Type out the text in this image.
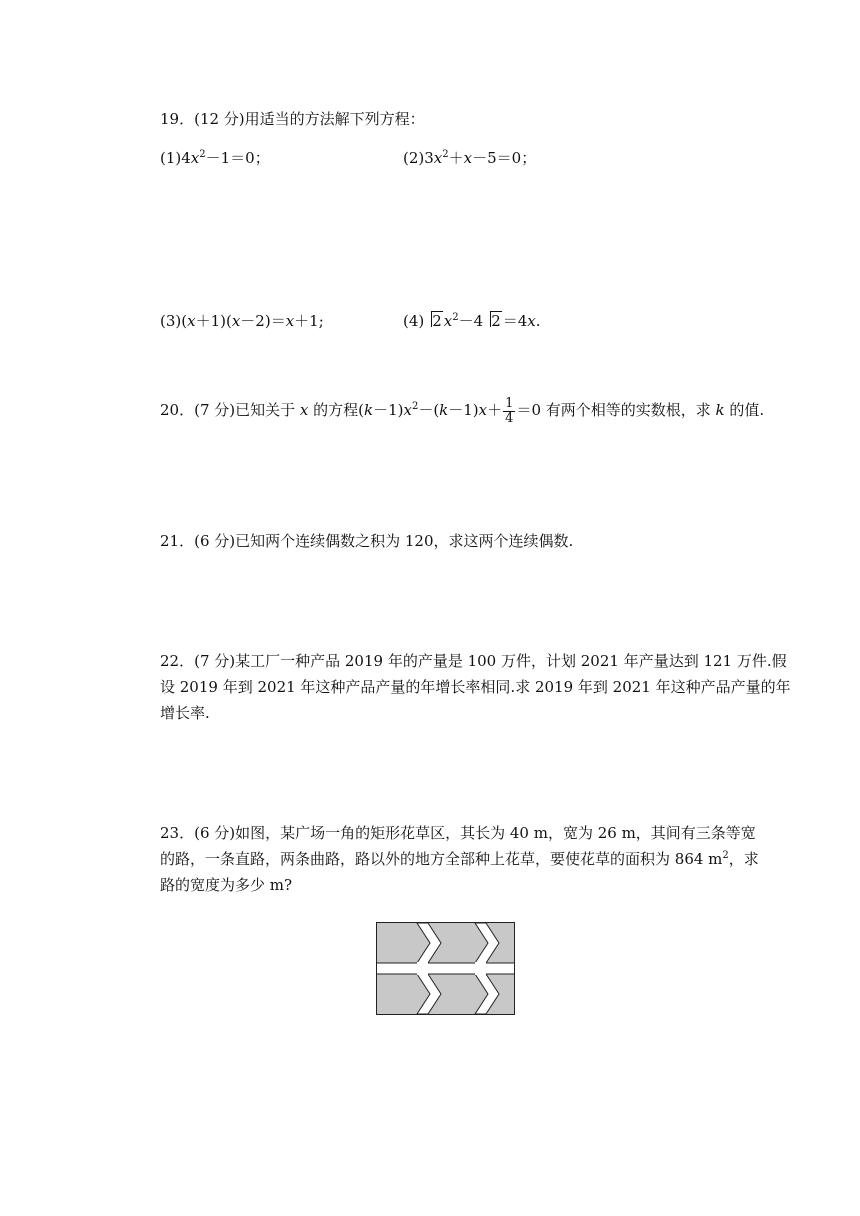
19．(12 分)用适当的方法解下列方程：
$(1)4x^2-1=0$；	$(2)3x^2+x-5=0$；
(3)(x＋1)(x－2)＝x＋1;	(4) 2 $x^2-4$ 2 ＝4x.
20．(7 分)已知关于 x 的方程$(k-1)x^2-(k-1)x+ \frac{1}{4} =0$ 有两个相等的实数根，求 k 的值.
21．(6 分)已知两个连续偶数之积为 120，求这两个连续偶数.
22．(7 分)某工厂一种产品 2019 年的产量是 100 万件，计划 2021 年产量达到 121 万件.假
设 2019 年到 2021 年这种产品产量的年增长率相同.求 2019 年到 2021 年这种产品产量的年
增长率.
23．(6 分)如图，某广场一角的矩形花草区，其长为 40 m，宽为 26 m，其间有三条等宽
的路，一条直路，两条曲路，路以外的地方全部种上花草，要使花草的面积为 864 $m^2$，求
路的宽度为多少 m?
